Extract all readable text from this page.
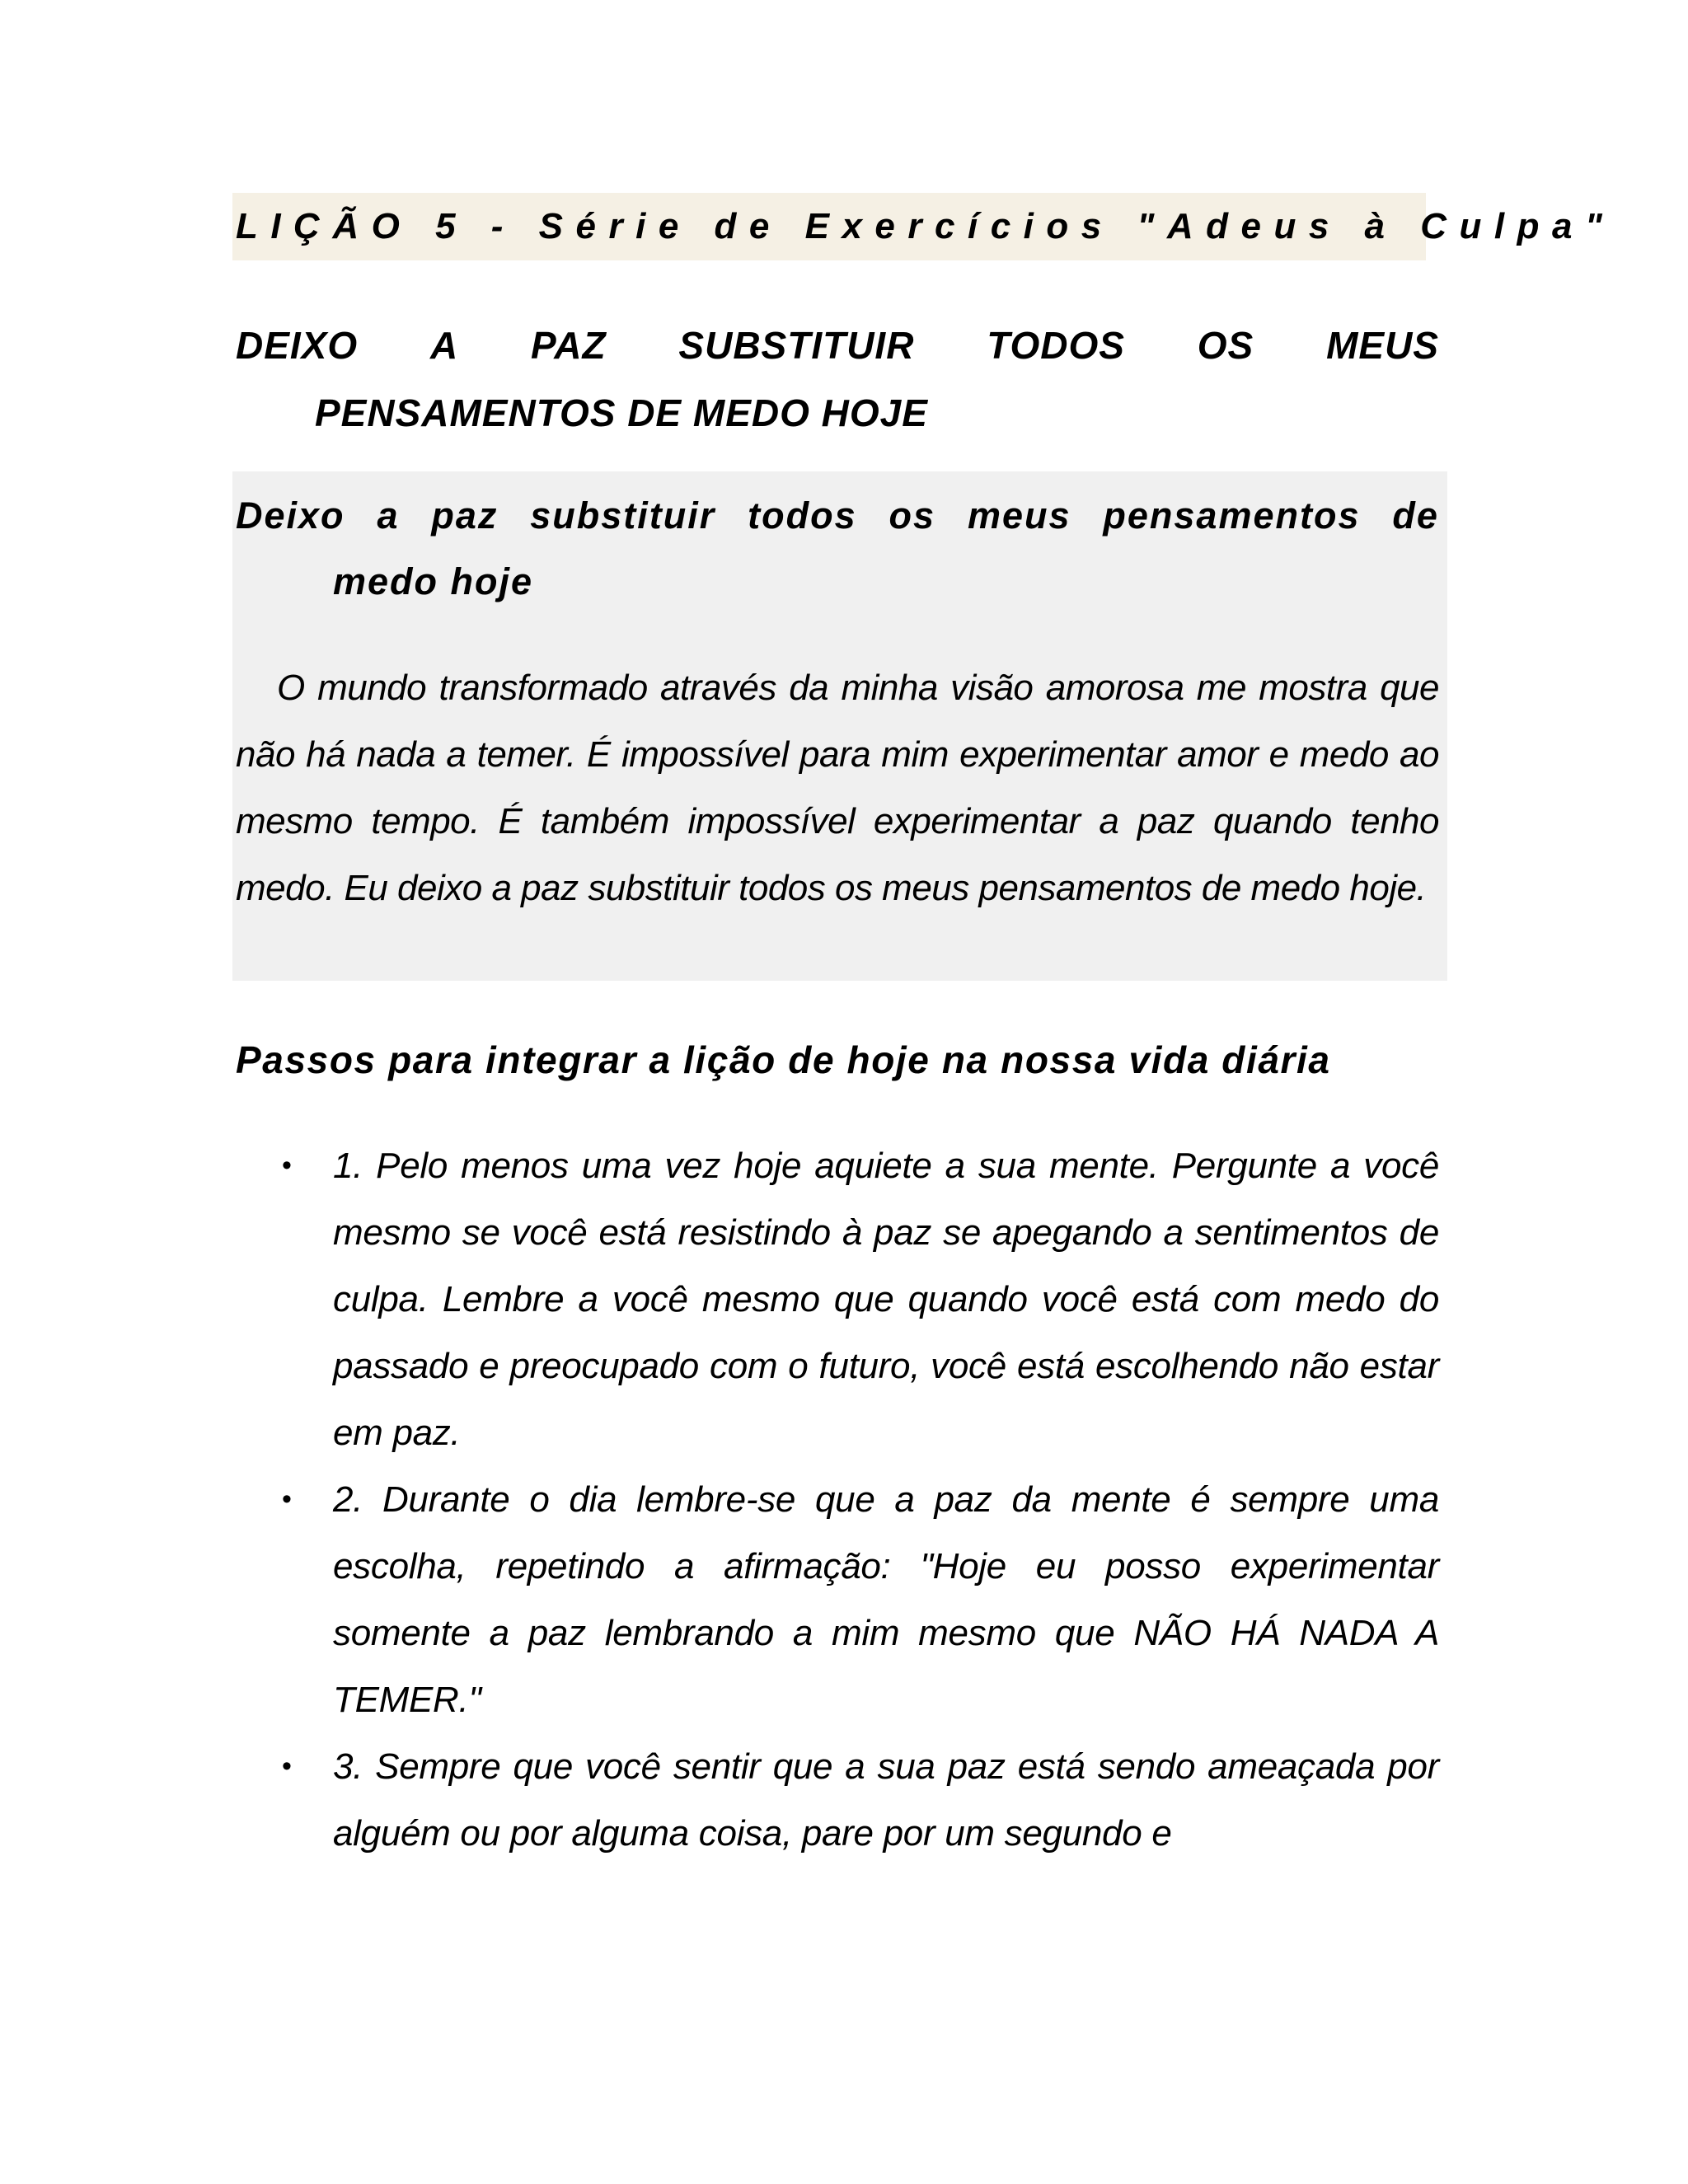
LIÇÃO 5 - Série de Exercícios "Adeus à Culpa"
DEIXO A PAZ SUBSTITUIR TODOS OS MEUS
PENSAMENTOS DE MEDO HOJE
Deixo a paz substituir todos os meus pensamentos de
medo hoje

O mundo transformado através da minha visão amorosa me mostra que não há nada a temer. É impossível para mim experimentar amor e medo ao mesmo tempo. É também impossível experimentar a paz quando tenho medo. Eu deixo a paz substituir todos os meus pensamentos de medo hoje.

Passos para integrar a lição de hoje na nossa vida diária
• 1. Pelo menos uma vez hoje aquiete a sua mente. Pergunte a você mesmo se você está resistindo à paz se apegando a sentimentos de culpa. Lembre a você mesmo que quando você está com medo do passado e preocupado com o futuro, você está escolhendo não estar em paz.
• 2. Durante o dia lembre-se que a paz da mente é sempre uma escolha, repetindo a afirmação: "Hoje eu posso experimentar somente a paz lembrando a mim mesmo que NÃO HÁ NADA A TEMER."
• 3. Sempre que você sentir que a sua paz está sendo ameaçada por alguém ou por alguma coisa, pare por um segundo e
